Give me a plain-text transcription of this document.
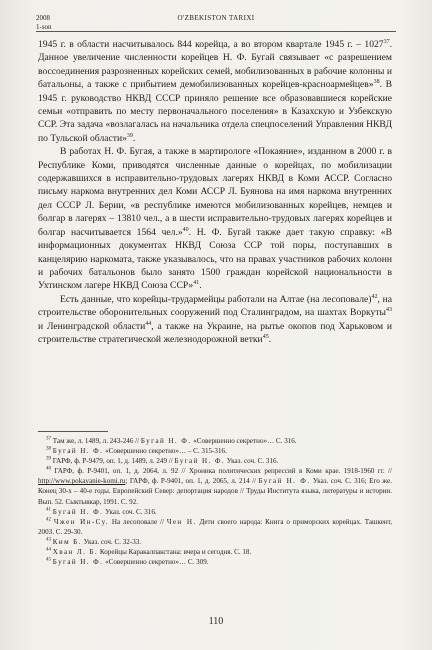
2008
1-son
O'ZBEKISTON TARIXI

1945 г. в области насчитывалось 844 корейца, а во втором квартале 1945 г. – 1027$^{37}$. Данное увеличение численности корейцев Н. Ф. Бугай связывает «с разрешением воссоединения разрозненных корейских семей, мобилизованных в рабочие колонны и батальоны, а также с прибытием демобилизованных корейцев-красноармейцев»$^{38}$. В 1945 г. руководство НКВД СССР приняло решение все образовавшиеся корейские семьи «отправить по месту первоначального поселения» в Казахскую и Узбекскую ССР. Эта задача «возлагалась на начальника отдела спецпоселений Управления НКВД по Тульской области»$^{39}$.

В работах Н. Ф. Бугая, а также в мартирологе «Покаяние», изданном в 2000 г. в Республике Коми, приводятся численные данные о корейцах, по мобилизации содержавшихся в исправительно-трудовых лагерях НКВД в Коми АССР. Согласно письму наркома внутренних дел Коми АССР Л. Буянова на имя наркома внутренних дел СССР Л. Берии, «в республике имеются мобилизованных корейцев, немцев и болгар в лагерях – 13810 чел., а в шести исправительно-трудовых лагерях корейцев и болгар насчитывается 1564 чел.»$^{40}$. Н. Ф. Бугай также дает такую справку: «В информационных документах НКВД Союза ССР той поры, поступавших в канцелярию наркомата, также указывалось, что на правах участников рабочих колонн и рабочих батальонов было занято 1500 граждан корейской национальности в Ухтинском лагере НКВД Союза ССР»$^{41}$.

Есть данные, что корейцы-трудармейцы работали на Алтае (на лесоповале)$^{42}$, на строительстве оборонительных сооружений под Сталинградом, на шахтах Воркуты$^{43}$ и Ленинградской области$^{44}$, а также на Украине, на рытье окопов под Харьковом и строительстве стратегической железнодорожной ветки$^{45}$.

$^{37}$ Там же, л. 1489, л. 243-246 // Бугай Н. Ф. «Совершенно секретно»… С. 316.

$^{38}$ Бугай Н. Ф. «Совершенно секретно»… – С. 315-316.

$^{39}$ ГАРФ, ф. Р-9479, оп. 1, д. 1489, л. 249 // Бугай Н. Ф. Указ. соч. С. 316.

$^{40}$ ГАРФ, ф. Р-9401, оп. 1, д. 2064, л. 92 // Хроника политических репрессий в Коми крае. 1918-1960 гг. // http://www.pokayanie-komi.ru; ГАРФ, ф. Р-9401, оп. 1, д. 2065, л. 214 // Бугай Н. Ф. Указ. соч. С. 316; Его же. Конец 30-х – 40-е годы. Европейский Север: депортация народов // Труды Института языка, литературы и истории. Вып. 52. Сыктывкар, 1991. С. 92.

$^{41}$ Бугай Н. Ф. Указ. соч. С. 316.

$^{42}$ Чжен Ин-Су. На лесоповале // Чен Н. Дети своего народа: Книга о приморских корейцах. Ташкент, 2003. С. 29-30.

$^{43}$ Ким Б. Указ. соч. С. 32-33.

$^{44}$ Хван Л. Б. Корейцы Каракалпакстана: вчера и сегодня. С. 18.

$^{45}$ Бугай Н. Ф. «Совершенно секретно»… С. 309.

110
